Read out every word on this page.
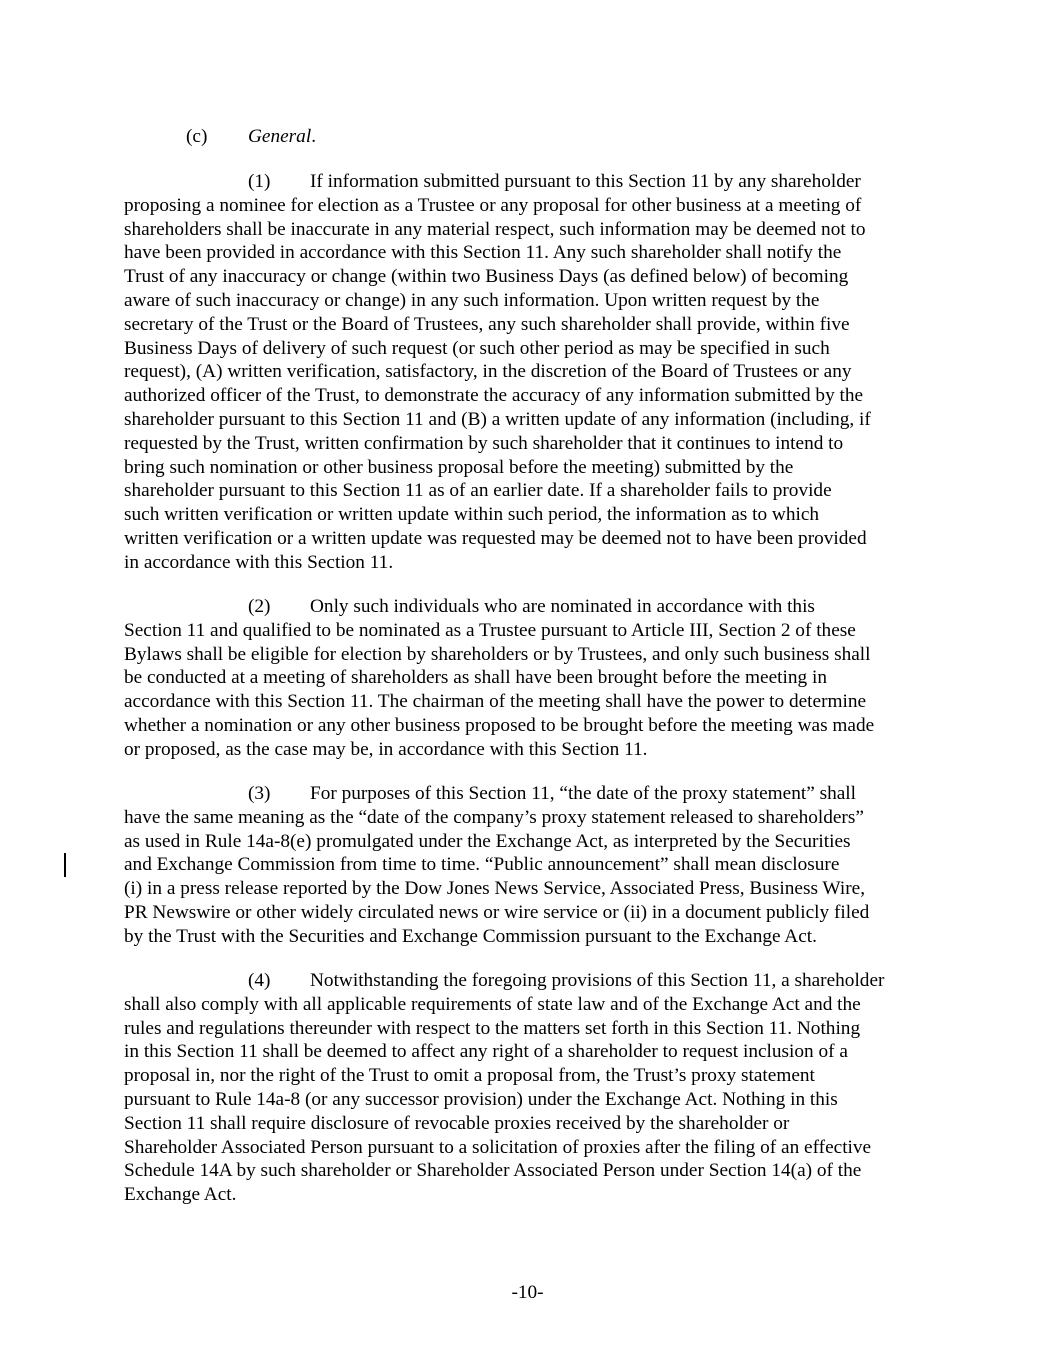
(c) General.
(1) If information submitted pursuant to this Section 11 by any shareholder
proposing a nominee for election as a Trustee or any proposal for other business at a meeting of
shareholders shall be inaccurate in any material respect, such information may be deemed not to
have been provided in accordance with this Section 11. Any such shareholder shall notify the
Trust of any inaccuracy or change (within two Business Days (as defined below) of becoming
aware of such inaccuracy or change) in any such information. Upon written request by the
secretary of the Trust or the Board of Trustees, any such shareholder shall provide, within five
Business Days of delivery of such request (or such other period as may be specified in such
request), (A) written verification, satisfactory, in the discretion of the Board of Trustees or any
authorized officer of the Trust, to demonstrate the accuracy of any information submitted by the
shareholder pursuant to this Section 11 and (B) a written update of any information (including, if
requested by the Trust, written confirmation by such shareholder that it continues to intend to
bring such nomination or other business proposal before the meeting) submitted by the
shareholder pursuant to this Section 11 as of an earlier date. If a shareholder fails to provide
such written verification or written update within such period, the information as to which
written verification or a written update was requested may be deemed not to have been provided
in accordance with this Section 11.
(2) Only such individuals who are nominated in accordance with this
Section 11 and qualified to be nominated as a Trustee pursuant to Article III, Section 2 of these
Bylaws shall be eligible for election by shareholders or by Trustees, and only such business shall
be conducted at a meeting of shareholders as shall have been brought before the meeting in
accordance with this Section 11. The chairman of the meeting shall have the power to determine
whether a nomination or any other business proposed to be brought before the meeting was made
or proposed, as the case may be, in accordance with this Section 11.
(3) For purposes of this Section 11, “the date of the proxy statement” shall
have the same meaning as the “date of the company’s proxy statement released to shareholders”
as used in Rule 14a-8(e) promulgated under the Exchange Act, as interpreted by the Securities
and Exchange Commission from time to time. “Public announcement” shall mean disclosure
(i) in a press release reported by the Dow Jones News Service, Associated Press, Business Wire,
PR Newswire or other widely circulated news or wire service or (ii) in a document publicly filed
by the Trust with the Securities and Exchange Commission pursuant to the Exchange Act.
(4) Notwithstanding the foregoing provisions of this Section 11, a shareholder
shall also comply with all applicable requirements of state law and of the Exchange Act and the
rules and regulations thereunder with respect to the matters set forth in this Section 11. Nothing
in this Section 11 shall be deemed to affect any right of a shareholder to request inclusion of a
proposal in, nor the right of the Trust to omit a proposal from, the Trust’s proxy statement
pursuant to Rule 14a-8 (or any successor provision) under the Exchange Act. Nothing in this
Section 11 shall require disclosure of revocable proxies received by the shareholder or
Shareholder Associated Person pursuant to a solicitation of proxies after the filing of an effective
Schedule 14A by such shareholder or Shareholder Associated Person under Section 14(a) of the
Exchange Act.
-10-
